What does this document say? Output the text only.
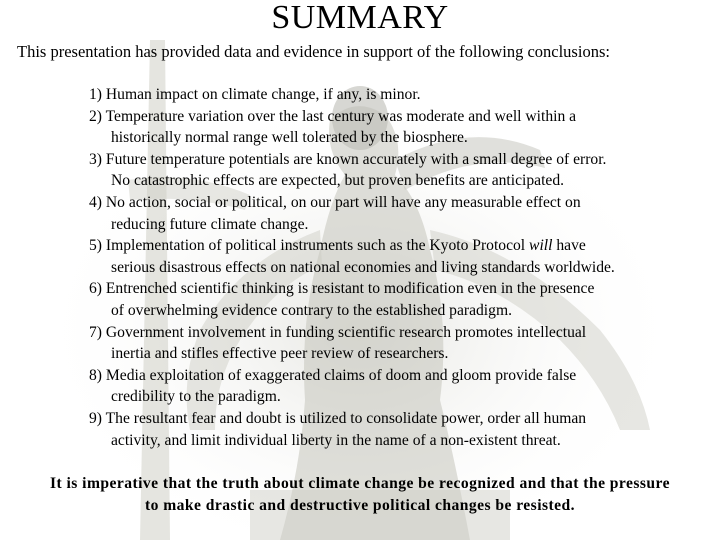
SUMMARY
This presentation has provided data and evidence in support of the following conclusions:
1) Human impact on climate change, if any, is minor.
2) Temperature variation over the last century was moderate and well within a
historically normal range well tolerated by the biosphere.
3) Future temperature potentials are known accurately with a small degree of error.
No catastrophic effects are expected, but proven benefits are anticipated.
4) No action, social or political, on our part will have any measurable effect on
reducing future climate change.
5) Implementation of political instruments such as the Kyoto Protocol will have
serious disastrous effects on national economies and living standards worldwide.
6) Entrenched scientific thinking is resistant to modification even in the presence
of overwhelming evidence contrary to the established paradigm.
7) Government involvement in funding scientific research promotes intellectual
inertia and stifles effective peer review of researchers.
8) Media exploitation of exaggerated claims of doom and gloom provide false
credibility to the paradigm.
9) The resultant fear and doubt is utilized to consolidate power, order all human
activity, and limit individual liberty in the name of a non-existent threat.
It is imperative that the truth about climate change be recognized and that the pressure
to make drastic and destructive political changes be resisted.
